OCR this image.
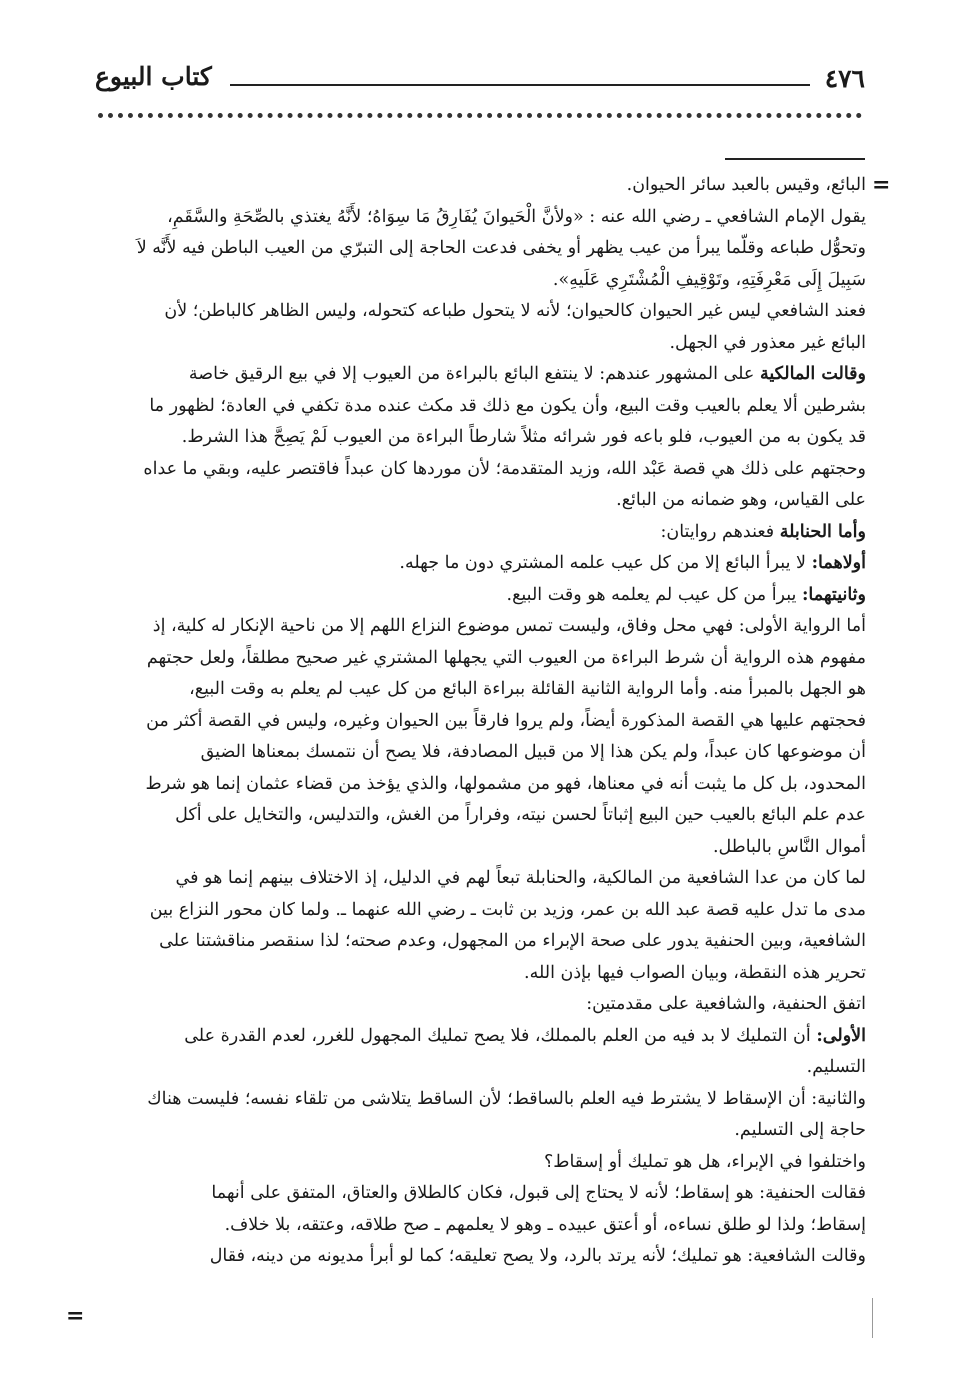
٤٧٦
كتاب البيوع
=
=

البائع، وقيس بالعبد سائر الحيوان.

يقول الإمام الشافعي ـ رضي الله عنه : «ولأنَّ الْحَيوانَ يُفَارِقُ مَا سِوَاهُ؛ لأَنَّهُ يغتذي بالصِّحَةِ والسَّقَمِ،

وتحوُّل طباعه وقلّما يبرأ من عيب يظهر أو يخفى فدعت الحاجة إلى التبرّي من العيب الباطن فيه لأَنَّه لاَ

سَبِيلَ إِلَى مَعْرِفَتِهِ، وتَوْقِيفِ الْمُشْتَرِي عَلَيهِ».

فعند الشافعي ليس غير الحيوان كالحيوان؛ لأنه لا يتحول طباعه كتحوله، وليس الظاهر كالباطن؛ لأن

البائع غير معذور في الجهل.

وقالت المالكية على المشهور عندهم: لا ينتفع البائع بالبراءة من العيوب إلا في بيع الرقيق خاصة

بشرطين ألا يعلم بالعيب وقت البيع، وأن يكون مع ذلك قد مكث عنده مدة تكفي في العادة؛ لظهور ما

قد يكون به من العيوب، فلو باعه فور شرائه مثلاً شارطاً البراءة من العيوب لَمْ يَصِحَّ هذا الشرط.

وحجتهم على ذلك هي قصة عَبْد الله، وزيد المتقدمة؛ لأن موردها كان عبداً فاقتصر عليه، وبقي ما عداه

على القياس، وهو ضمانه من البائع.

وأما الحنابلة فعندهم روايتان:

أولاهما: لا يبرأ البائع إلا من كل عيب علمه المشتري دون ما جهله.

وثانيتهما: يبرأ من كل عيب لم يعلمه هو وقت البيع.

أما الرواية الأولى: فهي محل وفاق، وليست تمس موضوع النزاع اللهم إلا من ناحية الإنكار له كلية، إذ

مفهوم هذه الرواية أن شرط البراءة من العيوب التي يجهلها المشتري غير صحيح مطلقاً، ولعل حجتهم

هو الجهل بالمبرأ منه. وأما الرواية الثانية القائلة ببراءة البائع من كل عيب لم يعلم به وقت البيع،

فحجتهم عليها هي القصة المذكورة أيضاً، ولم يروا فارقاً بين الحيوان وغيره، وليس في القصة أكثر من

أن موضوعها كان عبداً، ولم يكن هذا إلا من قبيل المصادفة، فلا يصح أن نتمسك بمعناها الضيق

المحدود، بل كل ما يثبت أنه في معناها، فهو من مشمولها، والذي يؤخذ من قضاء عثمان إنما هو شرط

عدم علم البائع بالعيب حين البيع إثباتاً لحسن نيته، وفراراً من الغش، والتدليس، والتخايل على أكل

أموال النَّاسِ بالباطل.

لما كان من عدا الشافعية من المالكية، والحنابلة تبعاً لهم في الدليل، إذ الاختلاف بينهم إنما هو في

مدى ما تدل عليه قصة عبد الله بن عمر، وزيد بن ثابت ـ رضي الله عنهما ـ. ولما كان محور النزاع بين

الشافعية، وبين الحنفية يدور على صحة الإبراء من المجهول، وعدم صحته؛ لذا سنقصر مناقشتنا على

تحرير هذه النقطة، وبيان الصواب فيها بإذن الله.

اتفق الحنفية، والشافعية على مقدمتين:

الأولى: أن التمليك لا بد فيه من العلم بالمملك، فلا يصح تمليك المجهول للغرر، لعدم القدرة على

التسليم.

والثانية: أن الإسقاط لا يشترط فيه العلم بالساقط؛ لأن الساقط يتلاشى من تلقاء نفسه؛ فليست هناك

حاجة إلى التسليم.

واختلفوا في الإبراء، هل هو تمليك أو إسقاط؟

فقالت الحنفية: هو إسقاط؛ لأنه لا يحتاج إلى قبول، فكان كالطلاق والعتاق، المتفق على أنهما

إسقاط؛ ولذا لو طلق نساءه، أو أعتق عبيده ـ وهو لا يعلمهم ـ صح طلاقه، وعتقه، بلا خلاف.

وقالت الشافعية: هو تمليك؛ لأنه يرتد بالرد، ولا يصح تعليقه؛ كما لو أبرأ مديونه من دينه، فقال
